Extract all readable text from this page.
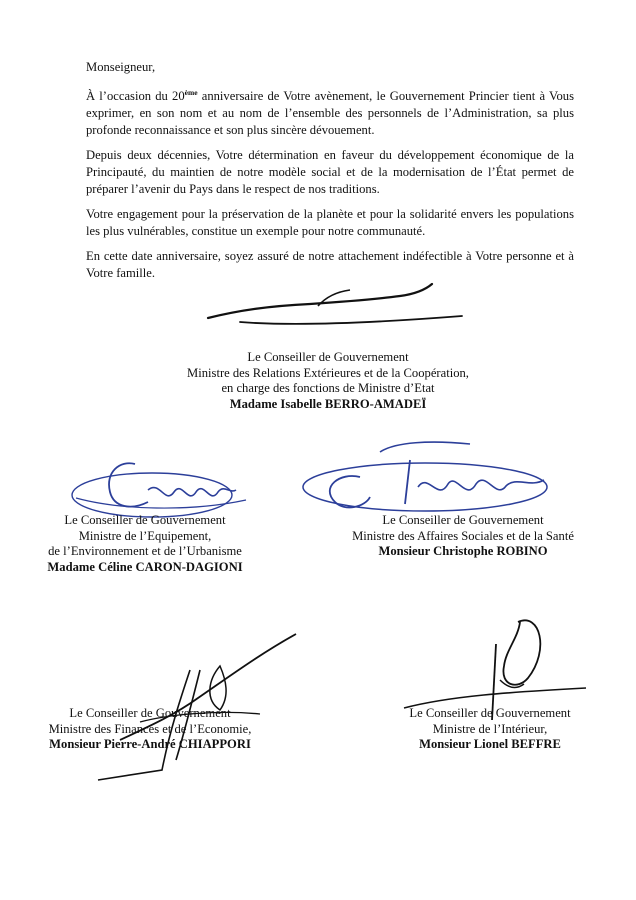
Monseigneur,

À l’occasion du 20ème anniversaire de Votre avènement, le Gouvernement Princier tient à Vous exprimer, en son nom et au nom de l’ensemble des personnels de l’Administration, sa plus profonde reconnaissance et son plus sincère dévouement.

Depuis deux décennies, Votre détermination en faveur du développement économique de la Principauté, du maintien de notre modèle social et de la modernisation de l’État permet de préparer l’avenir du Pays dans le respect de nos traditions.

Votre engagement pour la préservation de la planète et pour la solidarité envers les populations les plus vulnérables, constitue un exemple pour notre communauté.

En cette date anniversaire, soyez assuré de notre attachement indéfectible à Votre personne et à Votre famille.

Le Conseiller de Gouvernement
Ministre des Relations Extérieures et de la Coopération,
en charge des fonctions de Ministre d’Etat
Madame Isabelle BERRO-AMADEÏ
Le Conseiller de Gouvernement
Ministre de l’Equipement,
de l’Environnement et de l’Urbanisme
Madame Céline CARON-DAGIONI
Le Conseiller de Gouvernement
Ministre des Affaires Sociales et de la Santé
Monsieur Christophe ROBINO
Le Conseiller de Gouvernement
Ministre des Finances et de l’Economie,
Monsieur Pierre-André CHIAPPORI
Le Conseiller de Gouvernement
Ministre de l’Intérieur,
Monsieur Lionel BEFFRE
